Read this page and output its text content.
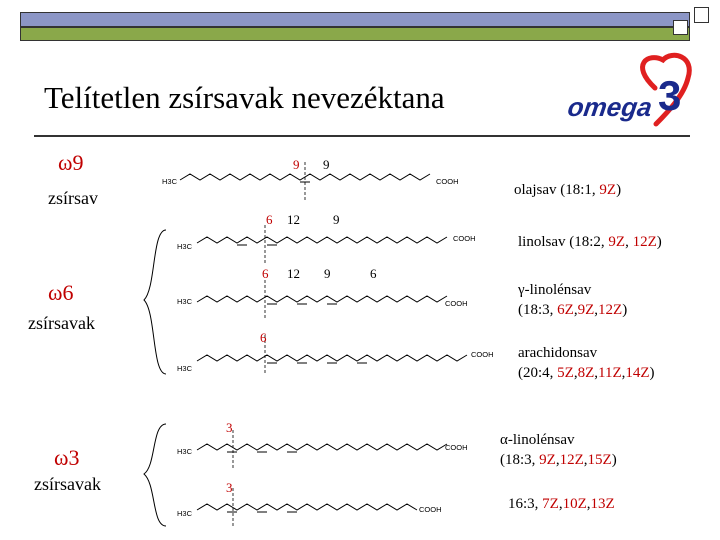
Telítetlen zsírsavak nevezéktana	omega 3
ω9
zsírsav
ω6
zsírsavak
ω3
zsírsavak
H3C	COOH
H3C
COOH
H3C	COOH
H3C
COOH
H3C	COOH
H3C	COOH
9 9
6 12	9
6 12 9	6
6
3
3
olajsav (18:1, 9Z)
linolsav (18:2, 9Z, 12Z)
γ-linolénsav
(18:3, 6Z,9Z,12Z)
arachidonsav
(20:4, 5Z,8Z,11Z,14Z)
α-linolénsav
(18:3, 9Z,12Z,15Z)
16:3, 7Z,10Z,13Z
